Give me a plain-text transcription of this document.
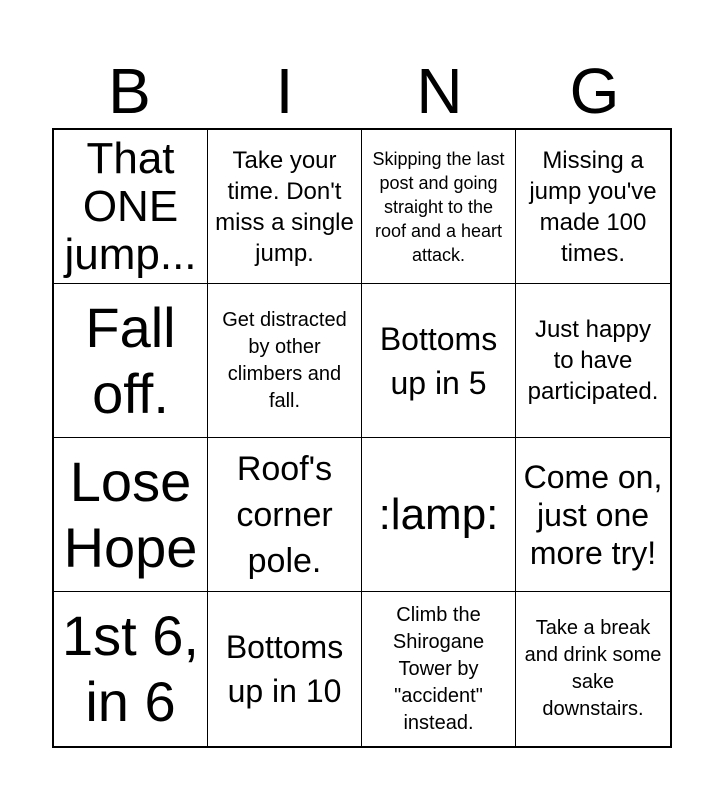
B	I	N	G
That ONE jump...
Take your time. Don't miss a single jump.
Skipping the last post and going straight to the roof and a heart attack.
Missing a jump you've made 100 times.
Fall off.
Get distracted by other climbers and fall.
Bottoms up in 5
Just happy to have participated.
Lose Hope
Roof's corner pole.
:lamp:
Come on, just one more try!
1st 6, in 6
Bottoms up in 10
Climb the Shirogane Tower by "accident" instead.
Take a break and drink some sake downstairs.
